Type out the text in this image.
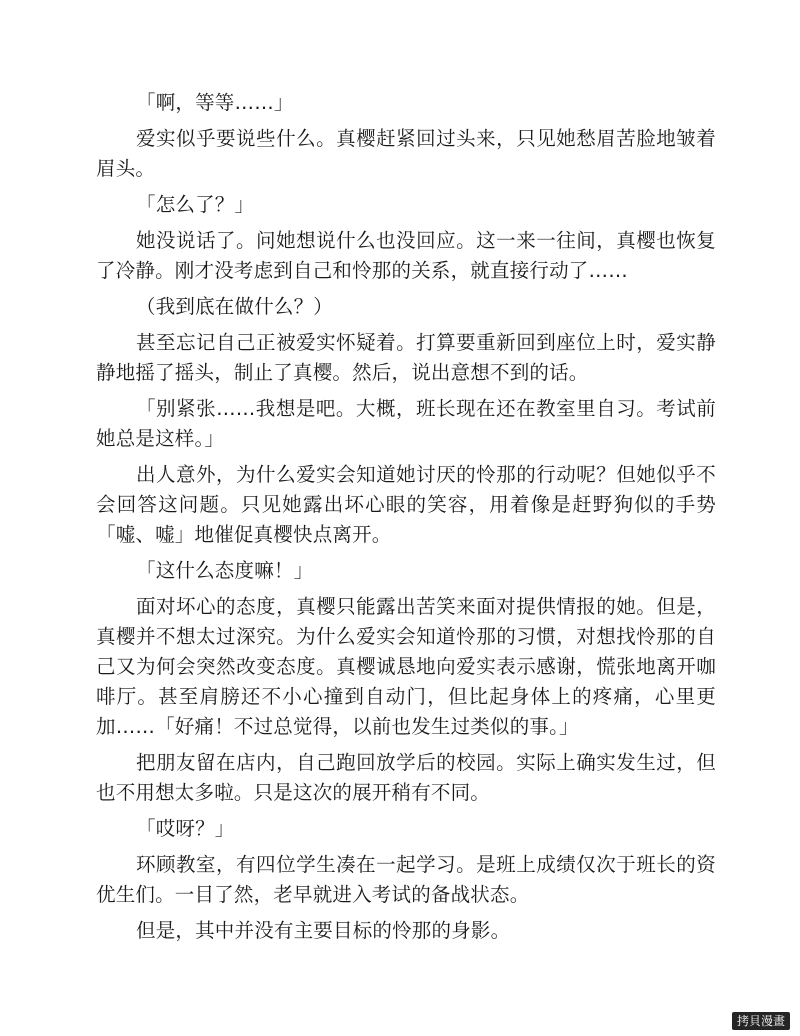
「啊，等等……」

爱实似乎要说些什么。真樱赶紧回过头来，只见她愁眉苦脸地皱着眉头。

「怎么了？」

她没说话了。问她想说什么也没回应。这一来一往间，真樱也恢复了冷静。刚才没考虑到自己和怜那的关系，就直接行动了……

（我到底在做什么？）

甚至忘记自己正被爱实怀疑着。打算要重新回到座位上时，爱实静静地摇了摇头，制止了真樱。然后，说出意想不到的话。

「别紧张……我想是吧。大概，班长现在还在教室里自习。考试前她总是这样。」

出人意外，为什么爱实会知道她讨厌的怜那的行动呢？但她似乎不会回答这问题。只见她露出坏心眼的笑容，用着像是赶野狗似的手势「嘘、嘘」地催促真樱快点离开。

「这什么态度嘛！」

面对坏心的态度，真樱只能露出苦笑来面对提供情报的她。但是，真樱并不想太过深究。为什么爱实会知道怜那的习惯，对想找怜那的自己又为何会突然改变态度。真樱诚恳地向爱实表示感谢，慌张地离开咖啡厅。甚至肩膀还不小心撞到自动门，但比起身体上的疼痛，心里更加……「好痛！不过总觉得，以前也发生过类似的事。」

把朋友留在店内，自己跑回放学后的校园。实际上确实发生过，但也不用想太多啦。只是这次的展开稍有不同。

「哎呀？」

环顾教室，有四位学生凑在一起学习。是班上成绩仅次于班长的资优生们。一目了然，老早就进入考试的备战状态。

但是，其中并没有主要目标的怜那的身影。

拷貝漫畫
